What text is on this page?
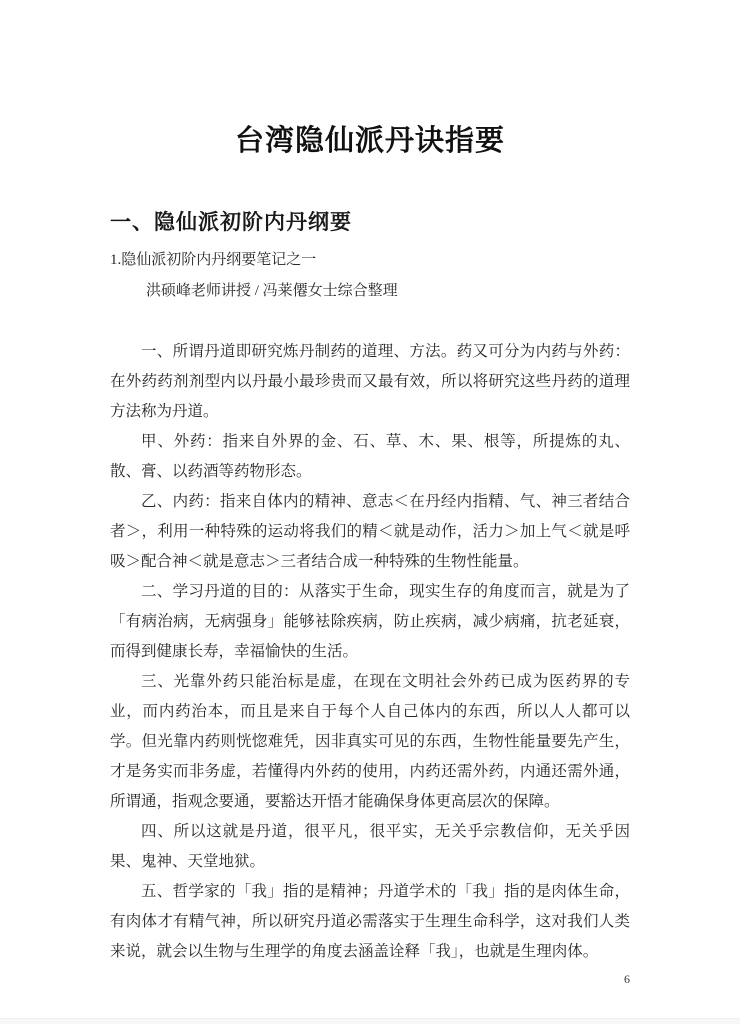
台湾隐仙派丹诀指要
一、隐仙派初阶内丹纲要
1.隐仙派初阶内丹纲要笔记之一
洪硕峰老师讲授 / 冯莱僊女士综合整理

一、所谓丹道即研究炼丹制药的道理、方法。药又可分为内药与外药：在外药药剂剂型内以丹最小最珍贵而又最有效，所以将研究这些丹药的道理方法称为丹道。

甲、外药：指来自外界的金、石、草、木、果、根等，所提炼的丸、散、膏、以药酒等药物形态。

乙、内药：指来自体内的精神、意志＜在丹经内指精、气、神三者结合者＞，利用一种特殊的运动将我们的精＜就是动作，活力＞加上气＜就是呼吸＞配合神＜就是意志＞三者结合成一种特殊的生物性能量。

二、学习丹道的目的：从落实于生命，现实生存的角度而言，就是为了「有病治病，无病强身」能够袪除疾病，防止疾病，减少病痛，抗老延衰，而得到健康长寿，幸福愉快的生活。

三、光靠外药只能治标是虚，在现在文明社会外药已成为医药界的专业，而内药治本，而且是来自于每个人自己体内的东西，所以人人都可以学。但光靠内药则恍惚难凭，因非真实可见的东西，生物性能量要先产生，才是务实而非务虚，若懂得内外药的使用，内药还需外药，内通还需外通，所谓通，指观念要通，要豁达开悟才能确保身体更高层次的保障。

四、所以这就是丹道，很平凡，很平实，无关乎宗教信仰，无关乎因果、鬼神、天堂地狱。

五、哲学家的「我」指的是精神；丹道学术的「我」指的是肉体生命，有肉体才有精气神，所以研究丹道必需落实于生理生命科学，这对我们人类来说，就会以生物与生理学的角度去涵盖诠释「我」，也就是生理肉体。

6
